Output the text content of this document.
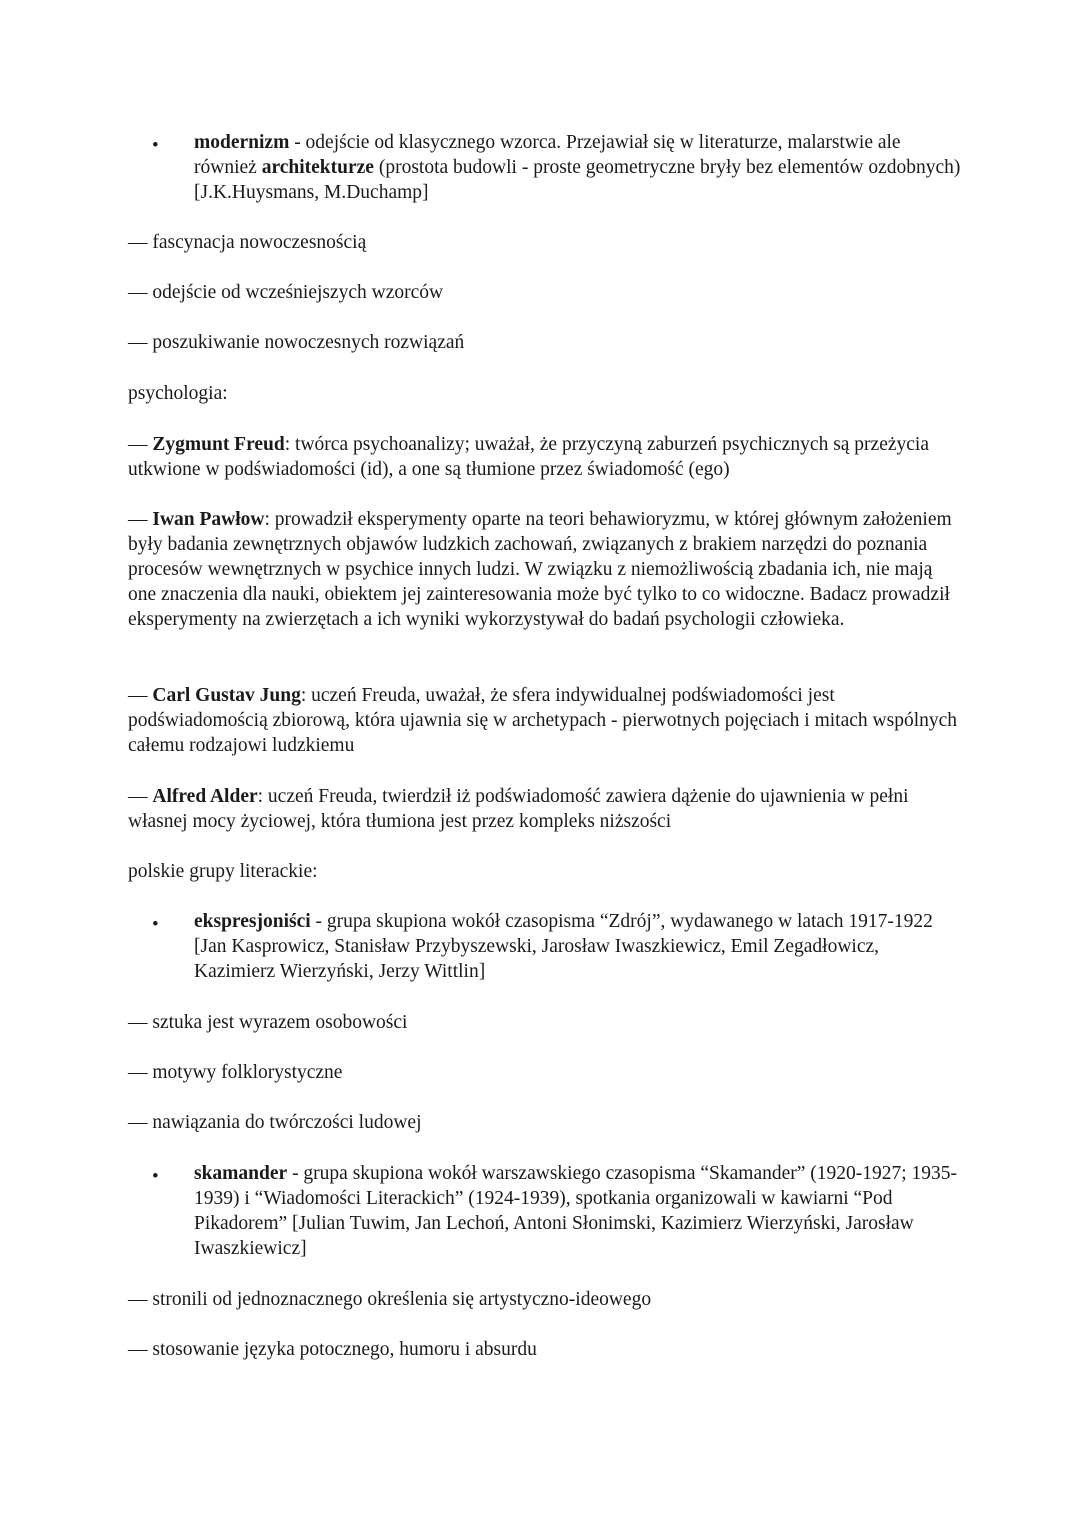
• modernizm - odejście od klasycznego wzorca. Przejawiał się w literaturze, malarstwie ale również architekturze (prostota budowli - proste geometryczne bryły bez elementów ozdobnych) [J.K.Huysmans, M.Duchamp]

— fascynacja nowoczesnością

— odejście od wcześniejszych wzorców

— poszukiwanie nowoczesnych rozwiązań

psychologia:

— Zygmunt Freud: twórca psychoanalizy; uważał, że przyczyną zaburzeń psychicznych są przeżycia utkwione w podświadomości (id), a one są tłumione przez świadomość (ego)

— Iwan Pawłow: prowadził eksperymenty oparte na teori behawioryzmu, w której głównym założeniem były badania zewnętrznych objawów ludzkich zachowań, związanych z brakiem narzędzi do poznania procesów wewnętrznych w psychice innych ludzi. W związku z niemożliwością zbadania ich, nie mają one znaczenia dla nauki, obiektem jej zainteresowania może być tylko to co widoczne. Badacz prowadził eksperymenty na zwierzętach a ich wyniki wykorzystywał do badań psychologii człowieka.

— Carl Gustav Jung: uczeń Freuda, uważał, że sfera indywidualnej podświadomości jest podświadomością zbiorową, która ujawnia się w archetypach - pierwotnych pojęciach i mitach wspólnych całemu rodzajowi ludzkiemu

— Alfred Alder: uczeń Freuda, twierdził iż podświadomość zawiera dążenie do ujawnienia w pełni własnej mocy życiowej, która tłumiona jest przez kompleks niższości

polskie grupy literackie:

• ekspresjoniści - grupa skupiona wokół czasopisma “Zdrój”, wydawanego w latach 1917-1922 [Jan Kasprowicz, Stanisław Przybyszewski, Jarosław Iwaszkiewicz, Emil Zegadłowicz, Kazimierz Wierzyński, Jerzy Wittlin]

— sztuka jest wyrazem osobowości

— motywy folklorystyczne

— nawiązania do twórczości ludowej

• skamander - grupa skupiona wokół warszawskiego czasopisma “Skamander” (1920-1927; 1935-1939) i “Wiadomości Literackich” (1924-1939), spotkania organizowali w kawiarni “Pod Pikadorem” [Julian Tuwim, Jan Lechoń, Antoni Słonimski, Kazimierz Wierzyński, Jarosław Iwaszkiewicz]

— stronili od jednoznacznego określenia się artystyczno-ideowego

— stosowanie języka potocznego, humoru i absurdu
